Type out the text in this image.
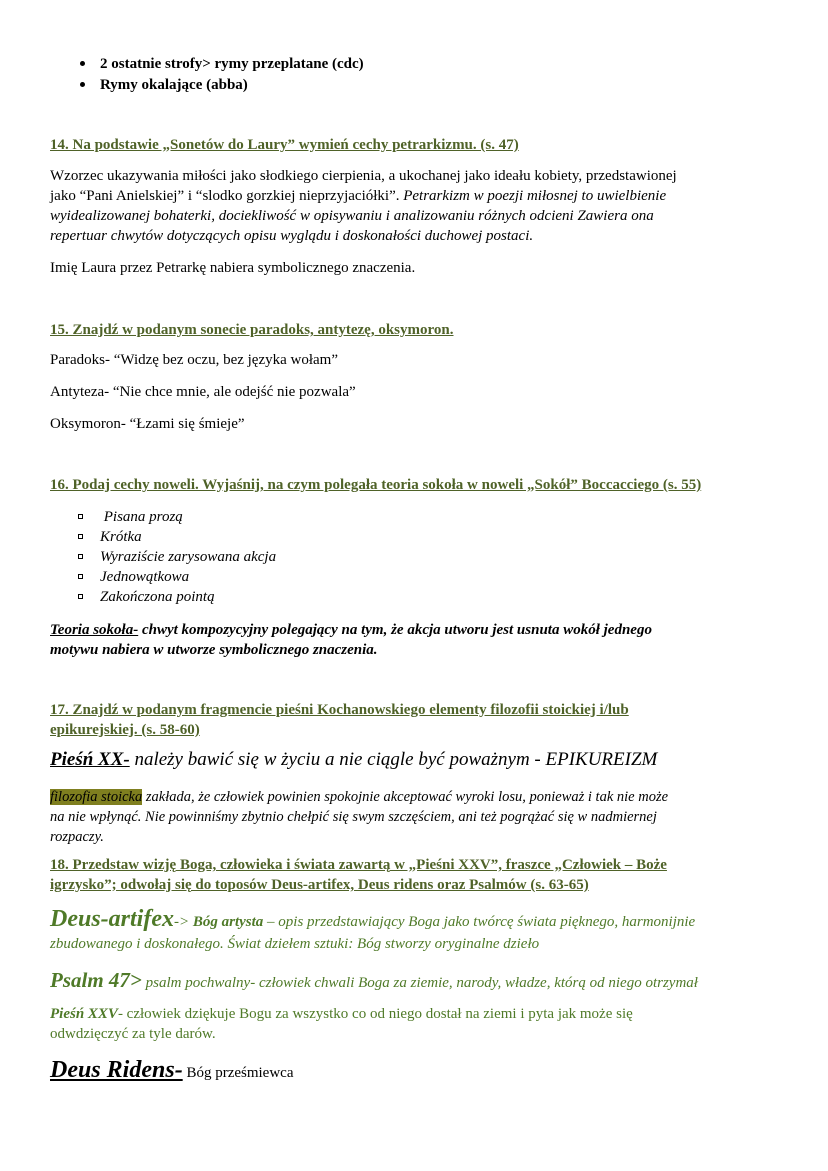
2 ostatnie strofy> rymy przeplatane (cdc)
Rymy okalające (abba)
14. Na podstawie „Sonetów do Laury” wymień cechy petrarkizmu. (s. 47)
Wzorzec ukazywania miłości jako słodkiego cierpienia, a ukochanej jako ideału kobiety, przedstawionej
jako “Pani Anielskiej” i “slodko gorzkiej nieprzyjaciółki”. Petrarkizm w poezji miłosnej to uwielbienie
wyidealizowanej bohaterki, dociekliwość w opisywaniu i analizowaniu różnych odcieni Zawiera ona
repertuar chwytów dotyczących opisu wyglądu i doskonałości duchowej postaci.
Imię Laura przez Petrarkę nabiera symbolicznego znaczenia.
15. Znajdź w podanym sonecie paradoks, antytezę, oksymoron.
Paradoks- “Widzę bez oczu, bez języka wołam”
Antyteza- “Nie chce mnie, ale odejść nie pozwala”
Oksymoron- “Łzami się śmieje”
16. Podaj cechy noweli. Wyjaśnij, na czym polegała teoria sokoła w noweli „Sokół” Boccacciego (s. 55)
Pisana prozą
Krótka
Wyraziście zarysowana akcja
Jednowątkowa
Zakończona pointą
Teoria sokoła- chwyt kompozycyjny polegający na tym, że akcja utworu jest usnuta wokół jednego
motywu nabiera w utworze symbolicznego znaczenia.
17. Znajdź w podanym fragmencie pieśni Kochanowskiego elementy filozofii stoickiej i/lub
epikurejskiej. (s. 58-60)
Pieśń XX- należy bawić się w życiu a nie ciągle być poważnym - EPIKUREIZM
filozofia stoicka zakłada, że człowiek powinien spokojnie akceptować wyroki losu, ponieważ i tak nie może
na nie wpłynąć. Nie powinniśmy zbytnio chełpić się swym szczęściem, ani też pogrążać się w nadmiernej
rozpaczy.
18. Przedstaw wizję Boga, człowieka i świata zawartą w „Pieśni XXV”, fraszce „Człowiek – Boże
igrzysko”; odwołaj się do toposów Deus-artifex, Deus ridens oraz Psalmów (s. 63-65)
Deus-artifex-> Bóg artysta – opis przedstawiający Boga jako twórcę świata pięknego, harmonijnie
zbudowanego i doskonałego. Świat dziełem sztuki: Bóg stworzy oryginalne dzieło
Psalm 47> psalm pochwalny- człowiek chwali Boga za ziemie, narody, władze, którą od niego otrzymał
Pieśń XXV- człowiek dziękuje Bogu za wszystko co od niego dostał na ziemi i pyta jak może się
odwdzięczyć za tyle darów.
Deus Ridens- Bóg prześmiewca
